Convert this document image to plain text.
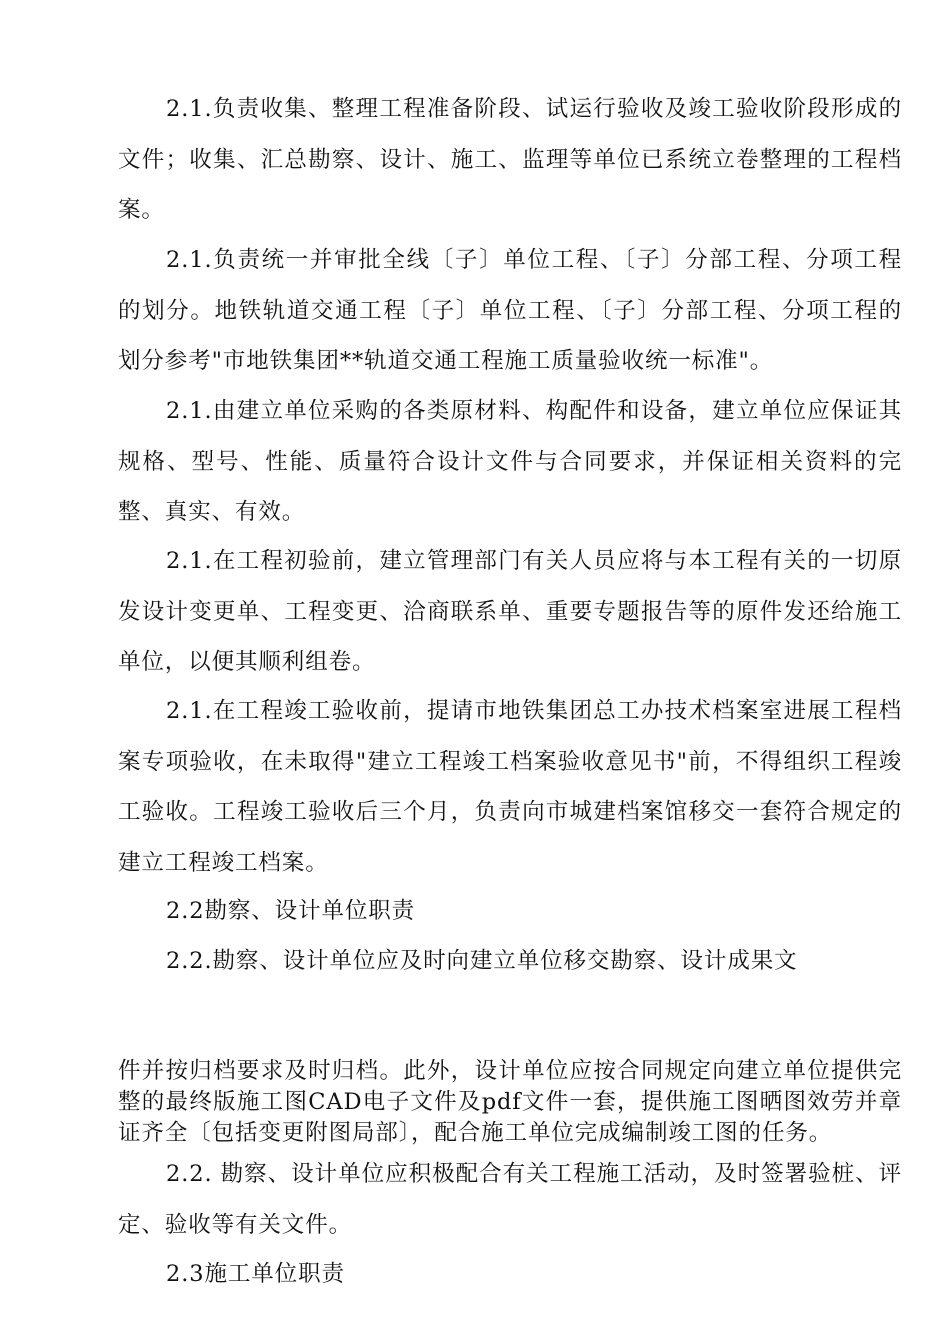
2.1.负责收集、整理工程准备阶段、试运行验收及竣工验收阶段形成的文件；收集、汇总勘察、设计、施工、监理等单位已系统立卷整理的工程档案。

2.1.负责统一并审批全线〔子〕单位工程、〔子〕分部工程、分项工程的划分。地铁轨道交通工程〔子〕单位工程、〔子〕分部工程、分项工程的划分参考"市地铁集团**轨道交通工程施工质量验收统一标准"。

2.1.由建立单位采购的各类原材料、构配件和设备，建立单位应保证其规格、型号、性能、质量符合设计文件与合同要求，并保证相关资料的完整、真实、有效。

2.1.在工程初验前，建立管理部门有关人员应将与本工程有关的一切原发设计变更单、工程变更、洽商联系单、重要专题报告等的原件发还给施工单位，以便其顺利组卷。

2.1.在工程竣工验收前，提请市地铁集团总工办技术档案室进展工程档案专项验收，在未取得"建立工程竣工档案验收意见书"前，不得组织工程竣工验收。工程竣工验收后三个月，负责向市城建档案馆移交一套符合规定的建立工程竣工档案。

2.2勘察、设计单位职责

2.2.勘察、设计单位应及时向建立单位移交勘察、设计成果文

件并按归档要求及时归档。此外，设计单位应按合同规定向建立单位提供完整的最终版施工图CAD电子文件及pdf文件一套，提供施工图晒图效劳并章证齐全〔包括变更附图局部〕，配合施工单位完成编制竣工图的任务。

2.2. 勘察、设计单位应积极配合有关工程施工活动，及时签署验桩、评定、验收等有关文件。

2.3施工单位职责
